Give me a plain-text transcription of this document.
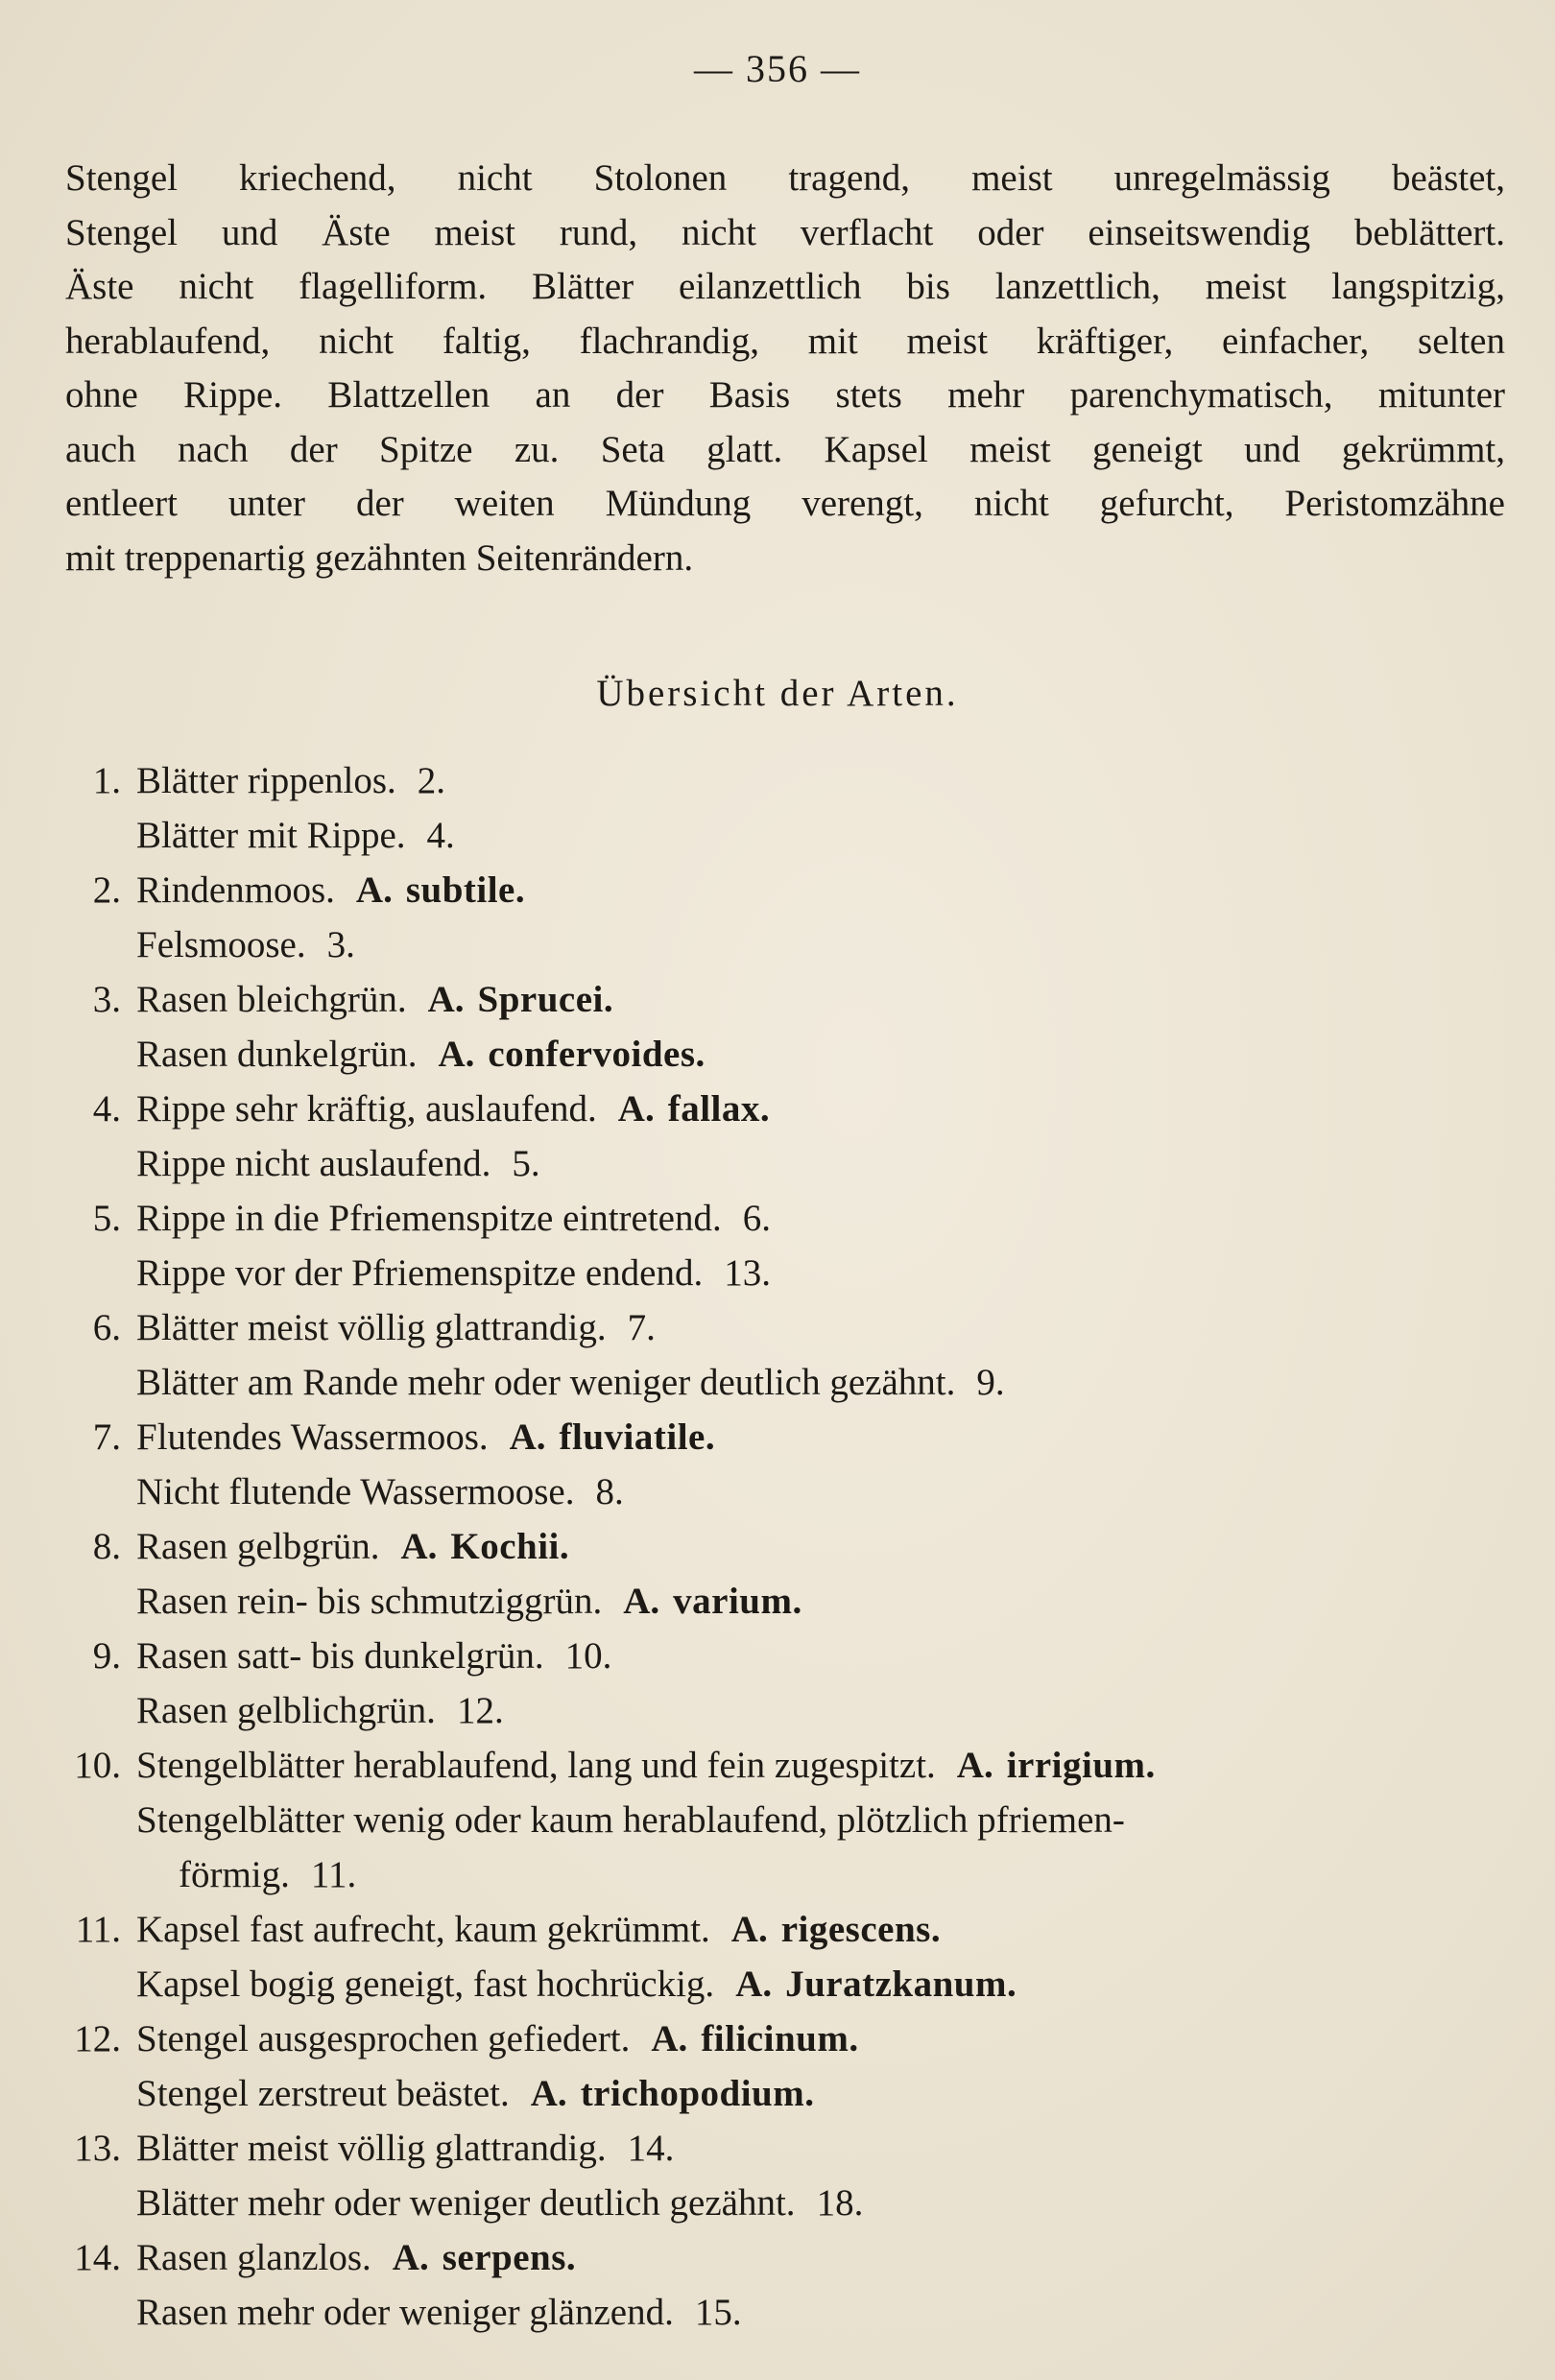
— 356 —
Stengel kriechend, nicht Stolonen tragend, meist unregelmässig beästet,
Stengel und Äste meist rund, nicht verflacht oder einseitswendig beblättert.
Äste nicht flagelliform. Blätter eilanzettlich bis lanzettlich, meist langspitzig,
herablaufend, nicht faltig, flachrandig, mit meist kräftiger, einfacher, selten
ohne Rippe. Blattzellen an der Basis stets mehr parenchymatisch, mitunter
auch nach der Spitze zu. Seta glatt. Kapsel meist geneigt und gekrümmt,
entleert unter der weiten Mündung verengt, nicht gefurcht, Peristomzähne
mit treppenartig gezähnten Seitenrändern.
Übersicht der Arten.
1. Blätter rippenlos. 2.
Blätter mit Rippe. 4.
2. Rindenmoos. A. subtile.
Felsmoose. 3.
3. Rasen bleichgrün. A. Sprucei.
Rasen dunkelgrün. A. confervoides.
4. Rippe sehr kräftig, auslaufend. A. fallax.
Rippe nicht auslaufend. 5.
5. Rippe in die Pfriemenspitze eintretend. 6.
Rippe vor der Pfriemenspitze endend. 13.
6. Blätter meist völlig glattrandig. 7.
Blätter am Rande mehr oder weniger deutlich gezähnt. 9.
7. Flutendes Wassermoos. A. fluviatile.
Nicht flutende Wassermoose. 8.
8. Rasen gelbgrün. A. Kochii.
Rasen rein- bis schmutziggrün. A. varium.
9. Rasen satt- bis dunkelgrün. 10.
Rasen gelblichgrün. 12.
10. Stengelblätter herablaufend, lang und fein zugespitzt. A. irrigium.
Stengelblätter wenig oder kaum herablaufend, plötzlich pfriemen-
förmig. 11.
11. Kapsel fast aufrecht, kaum gekrümmt. A. rigescens.
Kapsel bogig geneigt, fast hochrückig. A. Juratzkanum.
12. Stengel ausgesprochen gefiedert. A. filicinum.
Stengel zerstreut beästet. A. trichopodium.
13. Blätter meist völlig glattrandig. 14.
Blätter mehr oder weniger deutlich gezähnt. 18.
14. Rasen glanzlos. A. serpens.
Rasen mehr oder weniger glänzend. 15.
